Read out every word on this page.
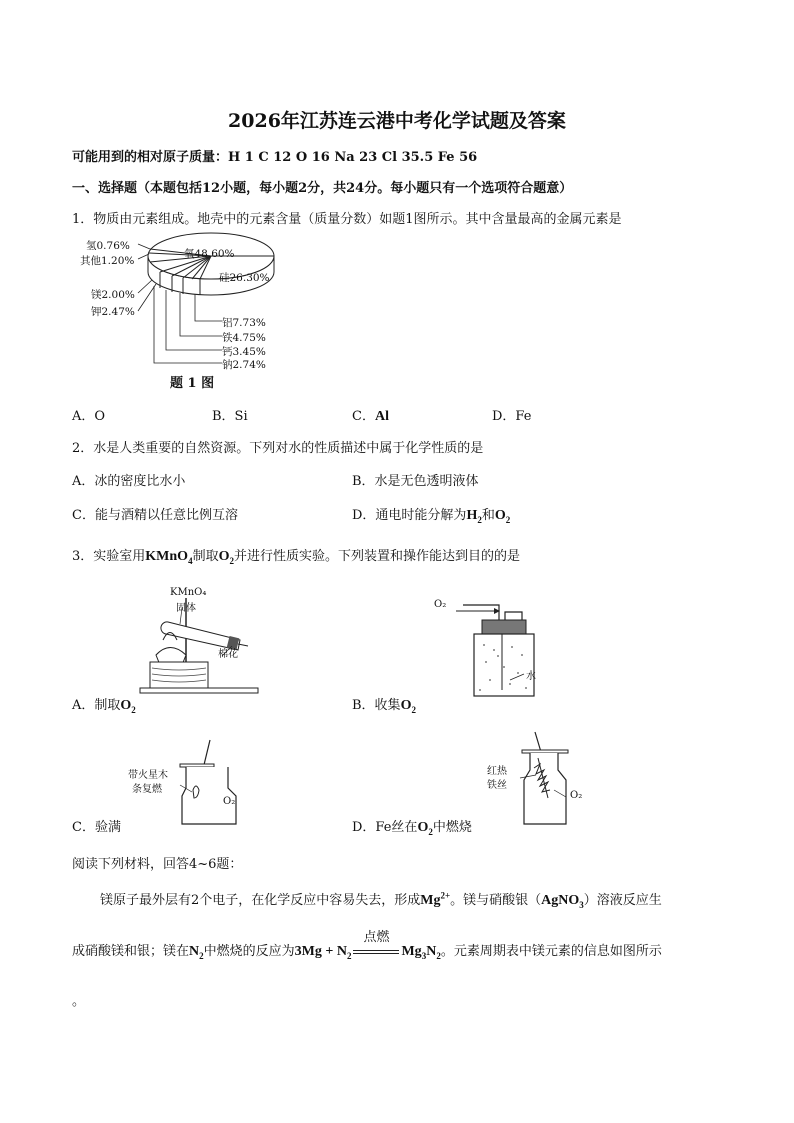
2026年江苏连云港中考化学试题及答案
可能用到的相对原子质量：H 1 C 12 O 16 Na 23 Cl 35.5 Fe 56
一、选择题（本题包括12小题，每小题2分，共24分。每小题只有一个选项符合题意）
1．物质由元素组成。地壳中的元素含量（质量分数）如题1图所示。其中含量最高的金属元素是
氢0.76%
其他1.20%
氧48.60%
硅26.30%
镁2.00%
钾2.47%
铝7.73%
铁4.75%
钙3.45%
钠2.74%
题 1 图
A．O	B．Si	C．Al	D．Fe
2．水是人类重要的自然资源。下列对水的性质描述中属于化学性质的是
A．冰的密度比水小	B．水是无色透明液体
C．能与酒精以任意比例互溶	D．通电时能分解为$H_2$和$O_2$
3．实验室用KMnO$_4$制取$O_2$并进行性质实验。下列装置和操作能达到目的的是
KMnO₄
固体
棉花
O₂
水
A．制取$O_2$	B．收集$O_2$
带火星木
条复燃
O₂
红热
铁丝
O₂
C．验满	D．Fe丝在$O_2$中燃烧
阅读下列材料，回答4~6题：
镁原子最外层有2个电子，在化学反应中容易失去，形成$Mg^{2+}$。镁与硝酸银（AgNO$_3$）溶液反应生
成硝酸镁和银；镁在$N_2$中燃烧的反应为$3Mg + N_2$
点燃
$Mg_3N_2$。元素周期表中镁元素的信息如图所示
。
